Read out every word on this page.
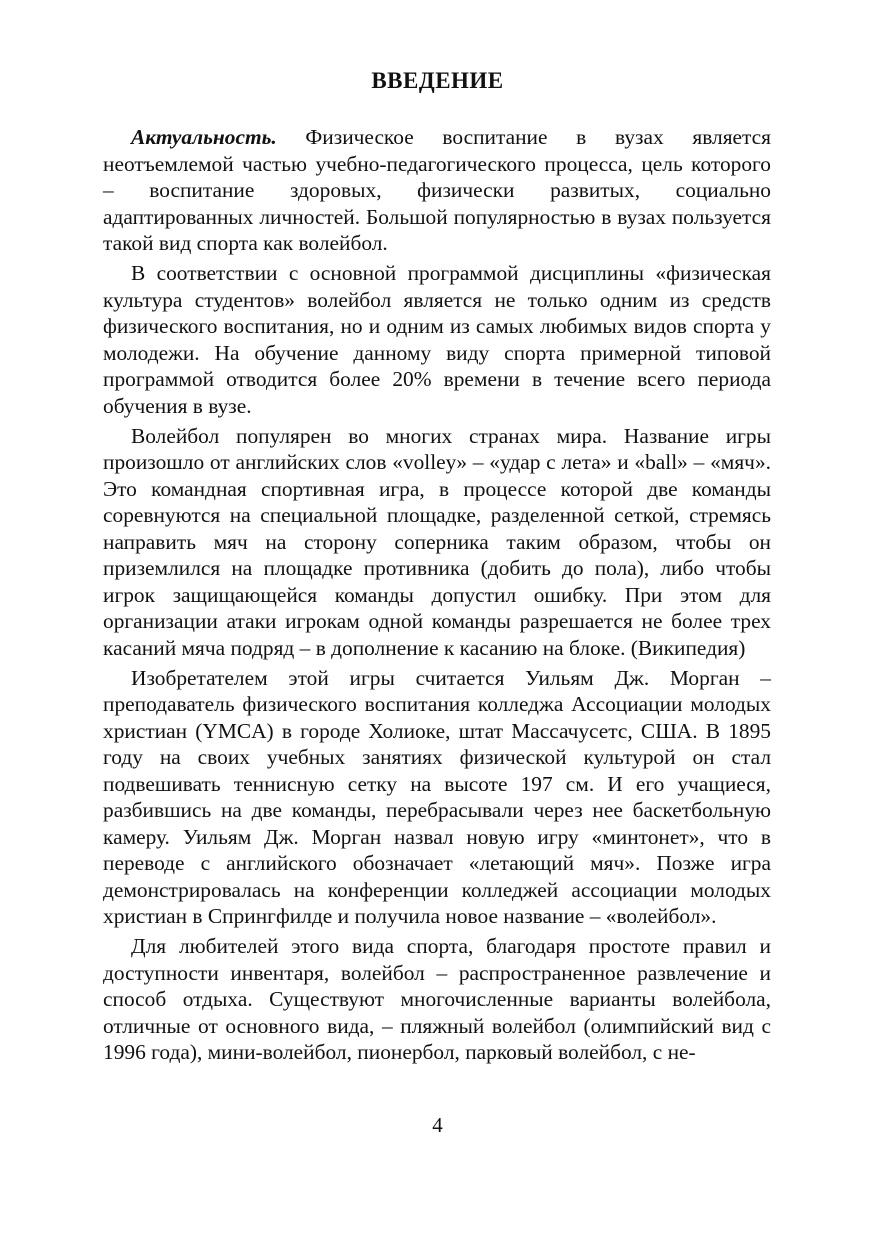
ВВЕДЕНИЕ

Актуальность. Физическое воспитание в вузах является неотъемлемой частью учебно-педагогического процесса, цель которого – воспитание здоровых, физически развитых, социально адаптированных личностей. Большой популярностью в вузах пользуется такой вид спорта как волейбол.

В соответствии с основной программой дисциплины «физическая культура студентов» волейбол является не только одним из средств физического воспитания, но и одним из самых любимых видов спорта у молодежи. На обучение данному виду спорта примерной типовой программой отводится более 20% времени в течение всего периода обучения в вузе.

Волейбол популярен во многих странах мира. Название игры произошло от английских слов «volley» – «удар с лета» и «ball» – «мяч». Это командная спортивная игра, в процессе которой две команды соревнуются на специальной площадке, разделенной сеткой, стремясь направить мяч на сторону соперника таким образом, чтобы он приземлился на площадке противника (добить до пола), либо чтобы игрок защищающейся команды допустил ошибку. При этом для организации атаки игрокам одной команды разрешается не более трех касаний мяча подряд – в дополнение к касанию на блоке. (Википедия)

Изобретателем этой игры считается Уильям Дж. Морган – преподаватель физического воспитания колледжа Ассоциации молодых христиан (YMCA) в городе Холиоке, штат Массачусетс, США. В 1895 году на своих учебных занятиях физической культурой он стал подвешивать теннисную сетку на высоте 197 см. И его учащиеся, разбившись на две команды, перебрасывали через нее баскетбольную камеру. Уильям Дж. Морган назвал новую игру «минтонет», что в переводе с английского обозначает «летающий мяч». Позже игра демонстрировалась на конференции колледжей ассоциации молодых христиан в Спрингфилде и получила новое название – «волейбол».

Для любителей этого вида спорта, благодаря простоте правил и доступности инвентаря, волейбол – распространенное развлечение и способ отдыха. Существуют многочисленные варианты волейбола, отличные от основного вида, – пляжный волейбол (олимпийский вид с 1996 года), мини-волейбол, пионербол, парковый волейбол, с не-

4
